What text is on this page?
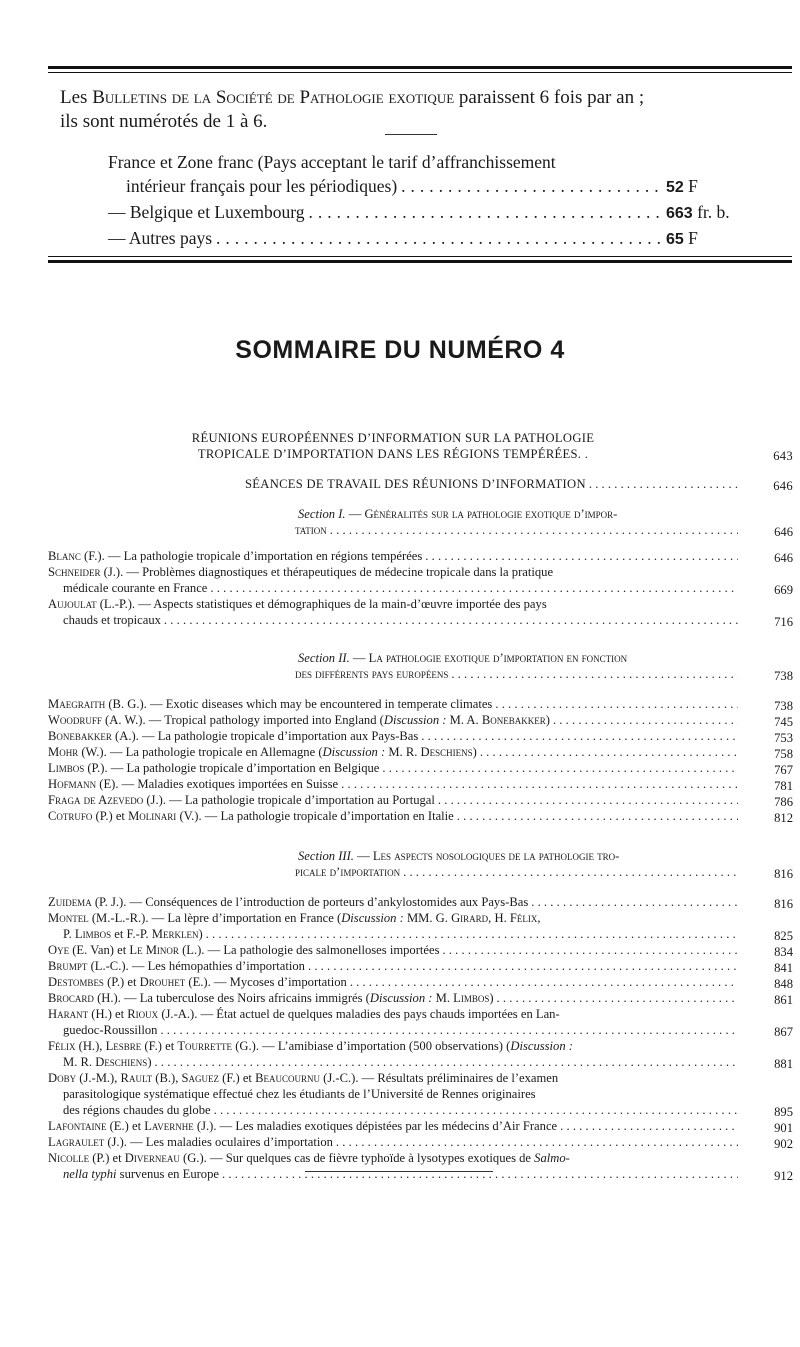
Les Bulletins de la Société de Pathologie exotique paraissent 6 fois par an ;
ils sont numérotés de 1 à 6.
France et Zone franc (Pays acceptant le tarif d’affranchissement
intérieur français pour les périodiques) .....	52 F
— Belgique et Luxembourg .....	663 fr. b.
— Autres pays .....	65 F
SOMMAIRE DU NUMÉRO 4
RÉUNIONS EUROPÉENNES D’INFORMATION SUR LA PATHOLOGIE
TROPICALE D’IMPORTATION DANS LES RÉGIONS TEMPÉRÉES. .	643
SÉANCES DE TRAVAIL DES RÉUNIONS D’INFORMATION .....	646
Section I. — Généralités sur la pathologie exotique d’impor-
tation .....	646
Blanc (F.). — La pathologie tropicale d’importation en régions tempérées .....	646
Schneider (J.). — Problèmes diagnostiques et thérapeutiques de médecine tropicale dans la pratique
médicale courante en France .....	669
Aujoulat (L.-P.). — Aspects statistiques et démographiques de la main-d’œuvre importée des pays
chauds et tropicaux .....	716
Section II. — La pathologie exotique d’importation en fonction
des différents pays européens .....	738
Maegraith (B. G.). — Exotic diseases which may be encountered in temperate climates .....	738
Woodruff (A. W.). — Tropical pathology imported into England (Discussion : M. A. Bonebakker) .....	745
Bonebakker (A.). — La pathologie tropicale d’importation aux Pays-Bas .....	753
Mohr (W.). — La pathologie tropicale en Allemagne (Discussion : M. R. Deschiens) .....	758
Limbos (P.). — La pathologie tropicale d’importation en Belgique .....	767
Hofmann (E). — Maladies exotiques importées en Suisse .....	781
Fraga de Azevedo (J.). — La pathologie tropicale d’importation au Portugal .....	786
Cotrufo (P.) et Molinari (V.). — La pathologie tropicale d’importation en Italie .....	812
Section III. — Les aspects nosologiques de la pathologie tro-
picale d’importation .....	816
Zuidema (P. J.). — Conséquences de l’introduction de porteurs d’ankylostomides aux Pays-Bas .....	816
Montel (M.-L.-R.). — La lèpre d’importation en France (Discussion : MM. G. Girard, H. Félix,
P. Limbos et F.-P. Merklen) .....	825
Oye (E. Van) et Le Minor (L.). — La pathologie des salmonelloses importées .....	834
Brumpt (L.-C.). — Les hémopathies d’importation .....	841
Destombes (P.) et Drouhet (E.). — Mycoses d’importation .....	848
Brocard (H.). — La tuberculose des Noirs africains immigrés (Discussion : M. Limbos) .....	861
Harant (H.) et Rioux (J.-A.). — État actuel de quelques maladies des pays chauds importées en Lan-
guedoc-Roussillon .....	867
Félix (H.), Lesbre (F.) et Tourrette (G.). — L’amibiase d’importation (500 observations) (Discussion :
M. R. Deschiens) .....	881
Doby (J.-M.), Rault (B.), Saguez (F.) et Beaucournu (J.-C.). — Résultats préliminaires de l’examen
parasitologique systématique effectué chez les étudiants de l’Université de Rennes originaires
des régions chaudes du globe .....	895
Lafontaine (E.) et Lavernhe (J.). — Les maladies exotiques dépistées par les médecins d’Air France .....	901
Lagraulet (J.). — Les maladies oculaires d’importation .....	902
Nicolle (P.) et Diverneau (G.). — Sur quelques cas de fièvre typhoïde à lysotypes exotiques de Salmo-
nella typhi survenus en Europe .....	912
